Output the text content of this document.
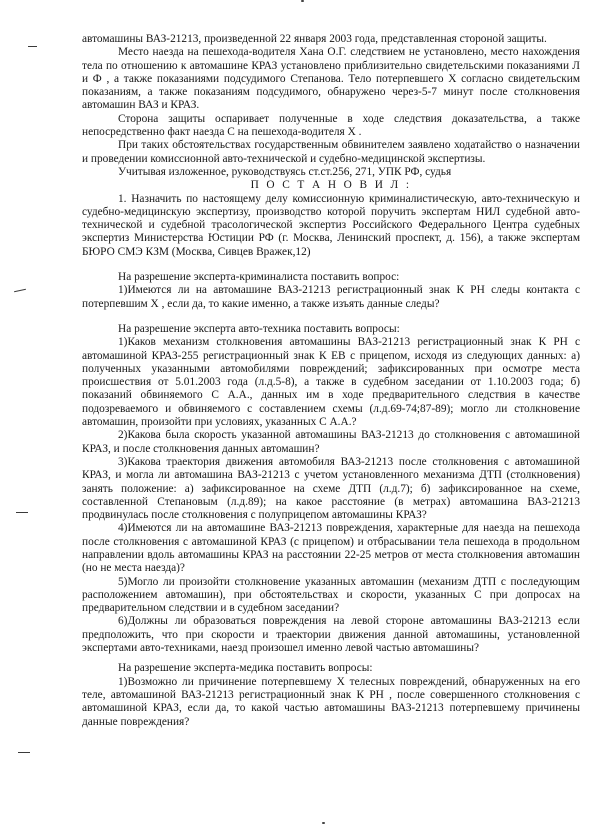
автомашины ВАЗ-21213, произведенной 22 января 2003 года, представленная стороной защиты.

Место наезда на пешехода-водителя Хана О.Г. следствием не установлено, место нахождения тела по отношению к автомашине КРАЗ установлено приблизительно свидетельскими показаниями Л и Ф , а также показаниями подсудимого Степанова. Тело потерпевшего Х согласно свидетельским показаниям, а также показаниям подсудимого, обнаружено через-5-7 минут после столкновения автомашин ВАЗ и КРАЗ.

Сторона защиты оспаривает полученные в ходе следствия доказательства, а также непосредственно факт наезда С на пешехода-водителя Х .

При таких обстоятельствах государственным обвинителем заявлено ходатайство о назначении и проведении комиссионной авто-технической и судебно-медицинской экспертизы.

Учитывая изложенное, руководствуясь ст.ст.256, 271, УПК РФ, судья

П О С Т А Н О В И Л :

1. Назначить по настоящему делу комиссионную криминалистическую, авто-техническую и судебно-медицинскую экспертизу, производство которой поручить экспертам НИЛ судебной авто-технической и судебной трасологической экспертиз Российского Федерального Центра судебных экспертиз Министерства Юстиции РФ (г. Москва, Ленинский проспект, д. 156), а также экспертам БЮРО СМЭ КЗМ (Москва, Сивцев Вражек,12)

На разрешение эксперта-криминалиста поставить вопрос:

1)Имеются ли на автомашине ВАЗ-21213 регистрационный знак К РН следы контакта с потерпевшим Х , если да, то какие именно, а также изъять данные следы?

На разрешение эксперта авто-техника поставить вопросы:

1)Каков механизм столкновения автомашины ВАЗ-21213 регистрационный знак К РН с автомашиной КРАЗ-255 регистрационный знак К ЕВ с прицепом, исходя из следующих данных: а) полученных указанными автомобилями повреждений; зафиксированных при осмотре места происшествия от 5.01.2003 года (л.д.5-8), а также в судебном заседании от 1.10.2003 года; б) показаний обвиняемого С А.А., данных им в ходе предварительного следствия в качестве подозреваемого и обвиняемого с составлением схемы (л.д.69-74;87-89); могло ли столкновение автомашин, произойти при условиях, указанных С А.А.?

2)Какова была скорость указанной автомашины ВАЗ-21213 до столкновения с автомашиной КРАЗ, и после столкновения данных автомашин?

3)Какова траектория движения автомобиля ВАЗ-21213 после столкновения с автомашиной КРАЗ, и могла ли автомашина ВАЗ-21213 с учетом установленного механизма ДТП (столкновения) занять положение: а) зафиксированное на схеме ДТП (л.д.7); б) зафиксированное на схеме, составленной Степановым (л.д.89); на какое расстояние (в метрах) автомашина ВАЗ-21213 продвинулась после столкновения с полуприцепом автомашины КРАЗ?

4)Имеются ли на автомашине ВАЗ-21213 повреждения, характерные для наезда на пешехода после столкновения с автомашиной КРАЗ (с прицепом) и отбрасывании тела пешехода в продольном направлении вдоль автомашины КРАЗ на расстоянии 22-25 метров от места столкновения автомашин (но не места наезда)?

5)Могло ли произойти столкновение указанных автомашин (механизм ДТП с последующим расположением автомашин), при обстоятельствах и скорости, указанных С при допросах на предварительном следствии и в судебном заседании?

6)Должны ли образоваться повреждения на левой стороне автомашины ВАЗ-21213 если предположить, что при скорости и траектории движения данной автомашины, установленной экспертами авто-техниками, наезд произошел именно левой частью автомашины?

На разрешение эксперта-медика поставить вопросы:

1)Возможно ли причинение потерпевшему Х телесных повреждений, обнаруженных на его теле, автомашиной ВАЗ-21213 регистрационный знак К РН , после совершенного столкновения с автомашиной КРАЗ, если да, то какой частью автомашины ВАЗ-21213 потерпевшему причинены данные повреждения?
